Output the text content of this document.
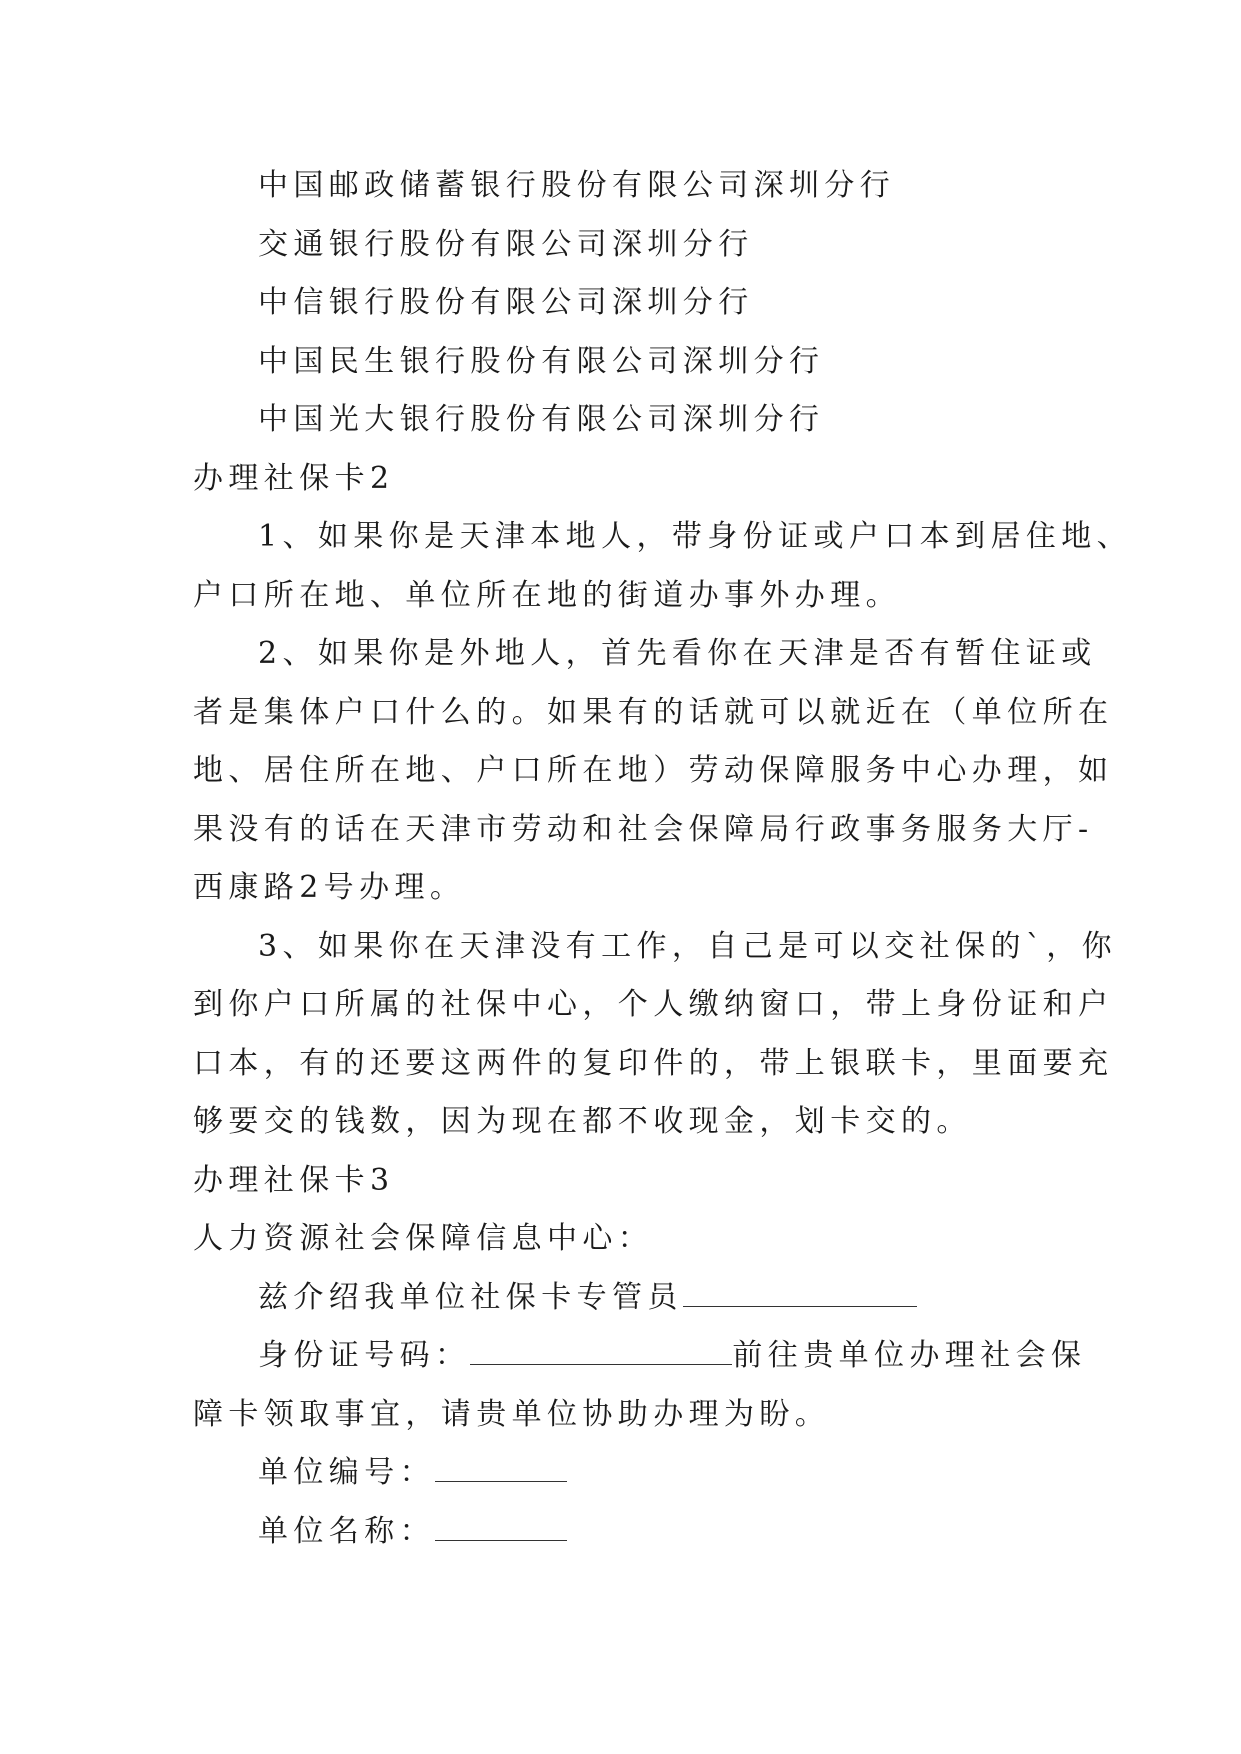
中国邮政储蓄银行股份有限公司深圳分行
交通银行股份有限公司深圳分行
中信银行股份有限公司深圳分行
中国民生银行股份有限公司深圳分行
中国光大银行股份有限公司深圳分行
办理社保卡2
1、如果你是天津本地人，带身份证或户口本到居住地、
户口所在地、单位所在地的街道办事外办理。
2、如果你是外地人，首先看你在天津是否有暂住证或
者是集体户口什么的。如果有的话就可以就近在（单位所在
地、居住所在地、户口所在地）劳动保障服务中心办理，如
果没有的话在天津市劳动和社会保障局行政事务服务大厅-
西康路2号办理。
3、如果你在天津没有工作，自己是可以交社保的`，你
到你户口所属的社保中心，个人缴纳窗口，带上身份证和户
口本，有的还要这两件的复印件的，带上银联卡，里面要充
够要交的钱数，因为现在都不收现金，划卡交的。
办理社保卡3
人力资源社会保障信息中心：
兹介绍我单位社保卡专管员
身份证号码：	前往贵单位办理社会保
障卡领取事宜，请贵单位协助办理为盼。
单位编号：
单位名称：
